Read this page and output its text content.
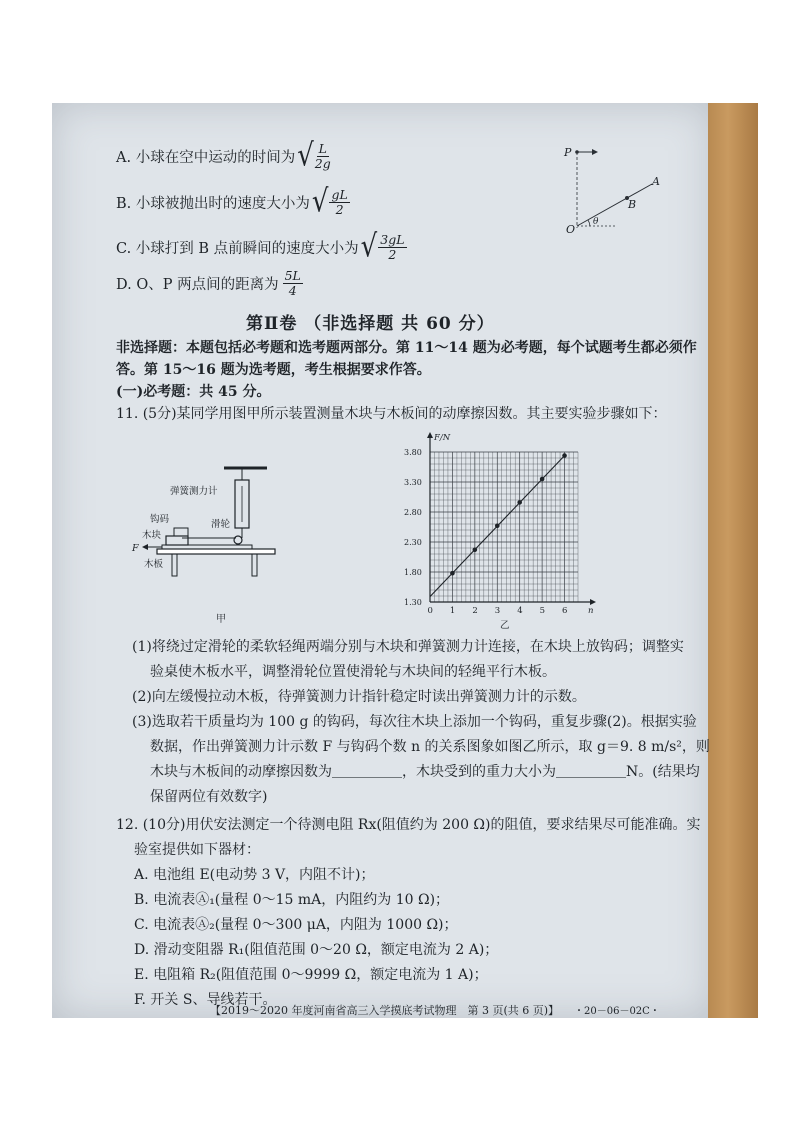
A. 小球在空中运动的时间为 √ $\frac{L}{2g}$
B. 小球被抛出时的速度大小为 √ $\frac{gL}{2}$
C. 小球打到 B 点前瞬间的速度大小为 √ $\frac{3gL}{2}$
D. O、P 两点间的距离为 $\frac{5L}{4}$
P
O
A
B
θ
第Ⅱ卷 （非选择题 共 60 分）
非选择题：本题包括必考题和选考题两部分。第 11～14 题为必考题，每个试题考生都必须作
答。第 15～16 题为选考题，考生根据要求作答。
(一)必考题：共 45 分。
11. (5分)某同学用图甲所示装置测量木块与木板间的动摩擦因数。其主要实验步骤如下：
弹簧测力计
钩码	滑轮
木块
F
木板
甲
F/N
n
乙
0 1 2 3 4 5 6
1.30
1.80
2.30
2.80
3.30
3.80
(1)将绕过定滑轮的柔软轻绳两端分别与木块和弹簧测力计连接，在木块上放钩码；调整实
验桌使木板水平，调整滑轮位置使滑轮与木块间的轻绳平行木板。
(2)向左缓慢拉动木板，待弹簧测力计指针稳定时读出弹簧测力计的示数。
(3)选取若干质量均为 100 g 的钩码，每次往木块上添加一个钩码，重复步骤(2)。根据实验
数据，作出弹簧测力计示数 F 与钩码个数 n 的关系图象如图乙所示，取 g＝9. 8 m/s²，则
木块与木板间的动摩擦因数为＿＿＿＿＿，木块受到的重力大小为＿＿＿＿＿N。(结果均
保留两位有效数字)
12. (10分)用伏安法测定一个待测电阻 Rx(阻值约为 200 Ω)的阻值，要求结果尽可能准确。实
验室提供如下器材：
A. 电池组 E(电动势 3 V，内阻不计)；
B. 电流表Ⓐ₁(量程 0～15 mA，内阻约为 10 Ω)；
C. 电流表Ⓐ₂(量程 0～300 μA，内阻为 1000 Ω)；
D. 滑动变阻器 R₁(阻值范围 0～20 Ω，额定电流为 2 A)；
E. 电阻箱 R₂(阻值范围 0～9999 Ω，额定电流为 1 A)；
F. 开关 S、导线若干。
【2019～2020 年度河南省高三入学摸底考试物理　第 3 页(共 6 页)】 ・20－06－02C・
